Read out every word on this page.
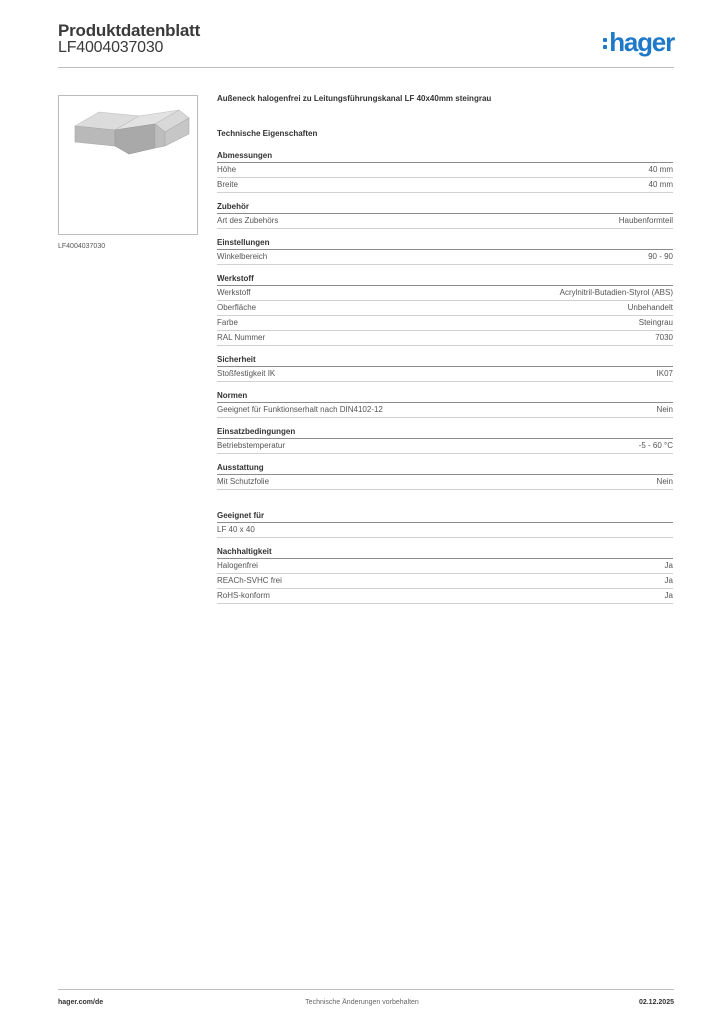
Produktdatenblatt
LF4004037030	hager
LF4004037030
Außeneck halogenfrei zu Leitungsführungskanal LF 40x40mm steingrau
Technische Eigenschaften
Abmessungen
Höhe	40 mm
Breite	40 mm
Zubehör
Art des Zubehörs	Haubenformteil
Einstellungen
Winkelbereich	90 - 90
Werkstoff
Werkstoff	Acrylnitril-Butadien-Styrol (ABS)
Oberfläche	Unbehandelt
Farbe	Steingrau
RAL Nummer	7030
Sicherheit
Stoßfestigkeit IK	IK07
Normen
Geeignet für Funktionserhalt nach DIN4102-12	Nein
Einsatzbedingungen
Betriebstemperatur	-5 - 60 °C
Ausstattung
Mit Schutzfolie	Nein
Geeignet für
LF 40 x 40
Nachhaltigkeit
Halogenfrei	Ja
REACh-SVHC frei	Ja
RoHS-konform	Ja
hager.com/de	Technische Änderungen vorbehalten	02.12.2025
